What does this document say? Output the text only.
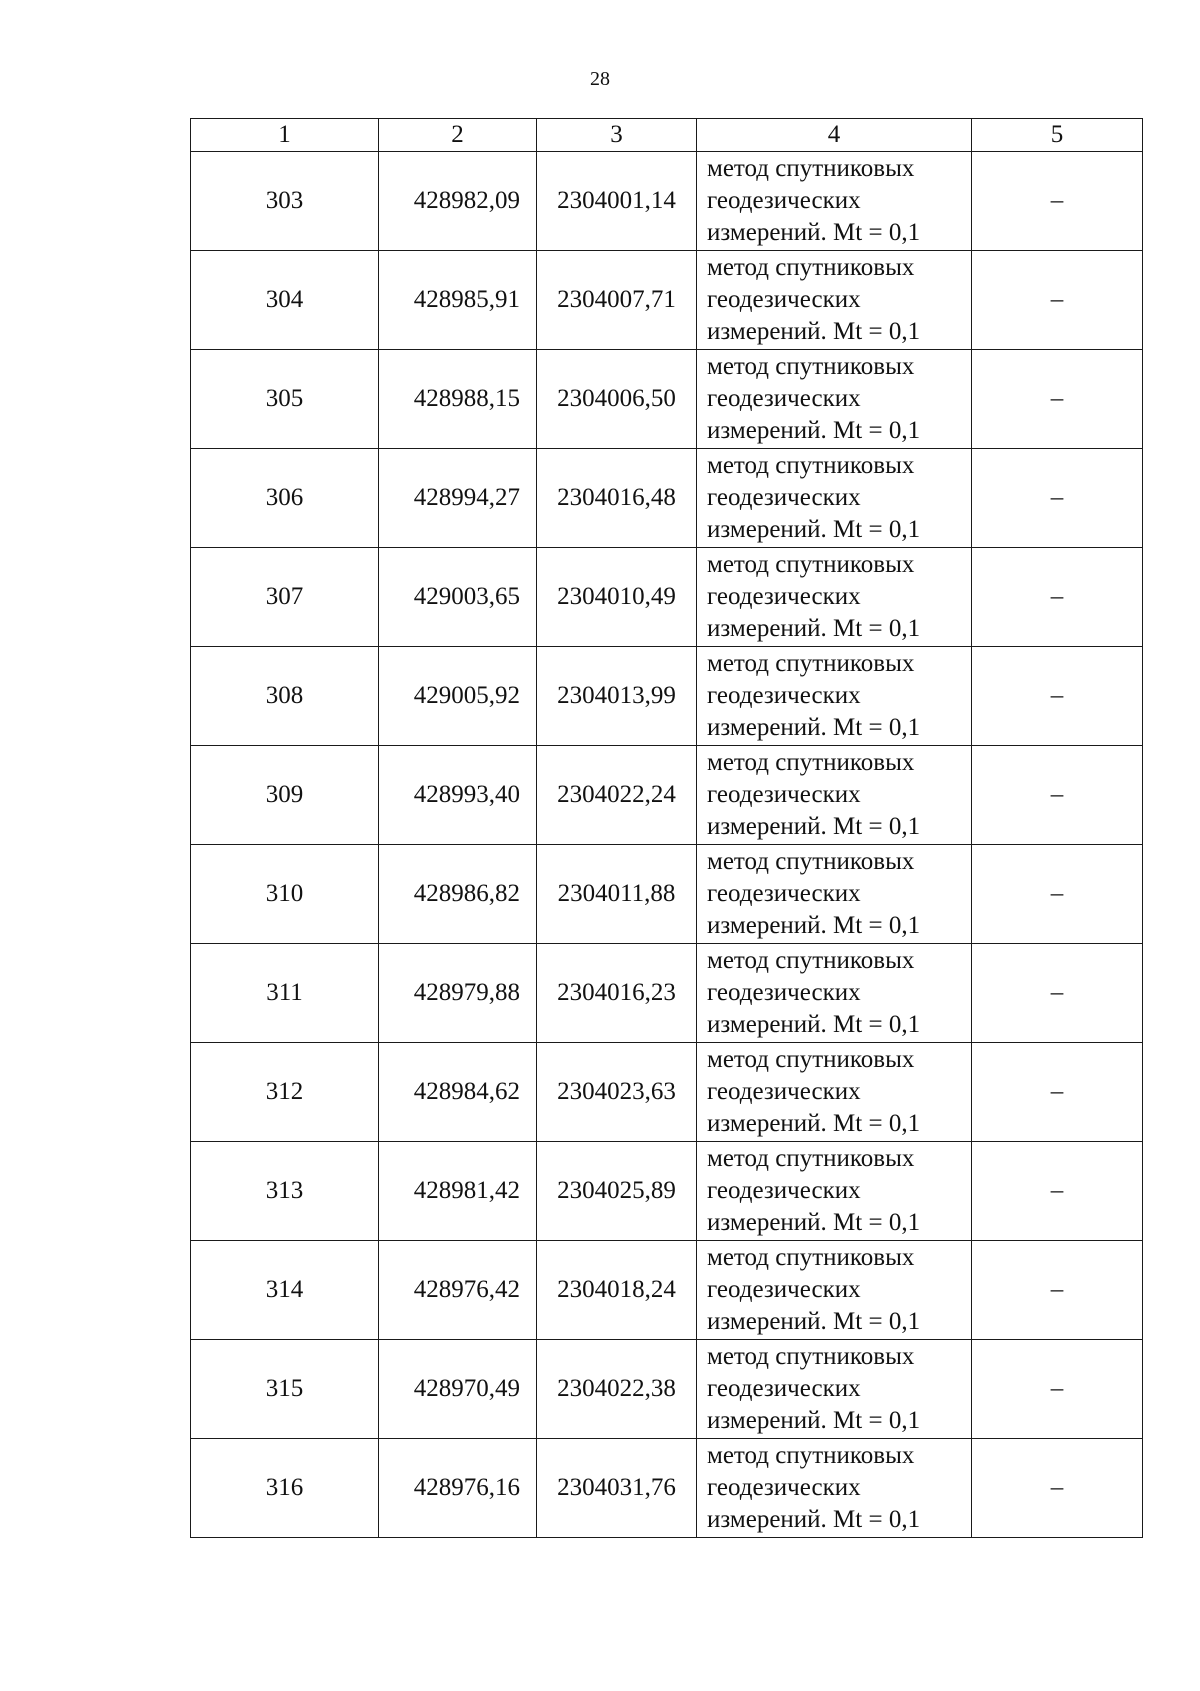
28
1	2	3	4	5
303	428982,09	2304001,14	метод спутниковых
геодезических
измерений. Mt = 0,1	–
304	428985,91	2304007,71	метод спутниковых
геодезических
измерений. Mt = 0,1	–
305	428988,15	2304006,50	метод спутниковых
геодезических
измерений. Mt = 0,1	–
306	428994,27	2304016,48	метод спутниковых
геодезических
измерений. Mt = 0,1	–
307	429003,65	2304010,49	метод спутниковых
геодезических
измерений. Mt = 0,1	–
308	429005,92	2304013,99	метод спутниковых
геодезических
измерений. Mt = 0,1	–
309	428993,40	2304022,24	метод спутниковых
геодезических
измерений. Mt = 0,1	–
310	428986,82	2304011,88	метод спутниковых
геодезических
измерений. Mt = 0,1	–
311	428979,88	2304016,23	метод спутниковых
геодезических
измерений. Mt = 0,1	–
312	428984,62	2304023,63	метод спутниковых
геодезических
измерений. Mt = 0,1	–
313	428981,42	2304025,89	метод спутниковых
геодезических
измерений. Mt = 0,1	–
314	428976,42	2304018,24	метод спутниковых
геодезических
измерений. Mt = 0,1	–
315	428970,49	2304022,38	метод спутниковых
геодезических
измерений. Mt = 0,1	–
316	428976,16	2304031,76	метод спутниковых
геодезических
измерений. Mt = 0,1	–
